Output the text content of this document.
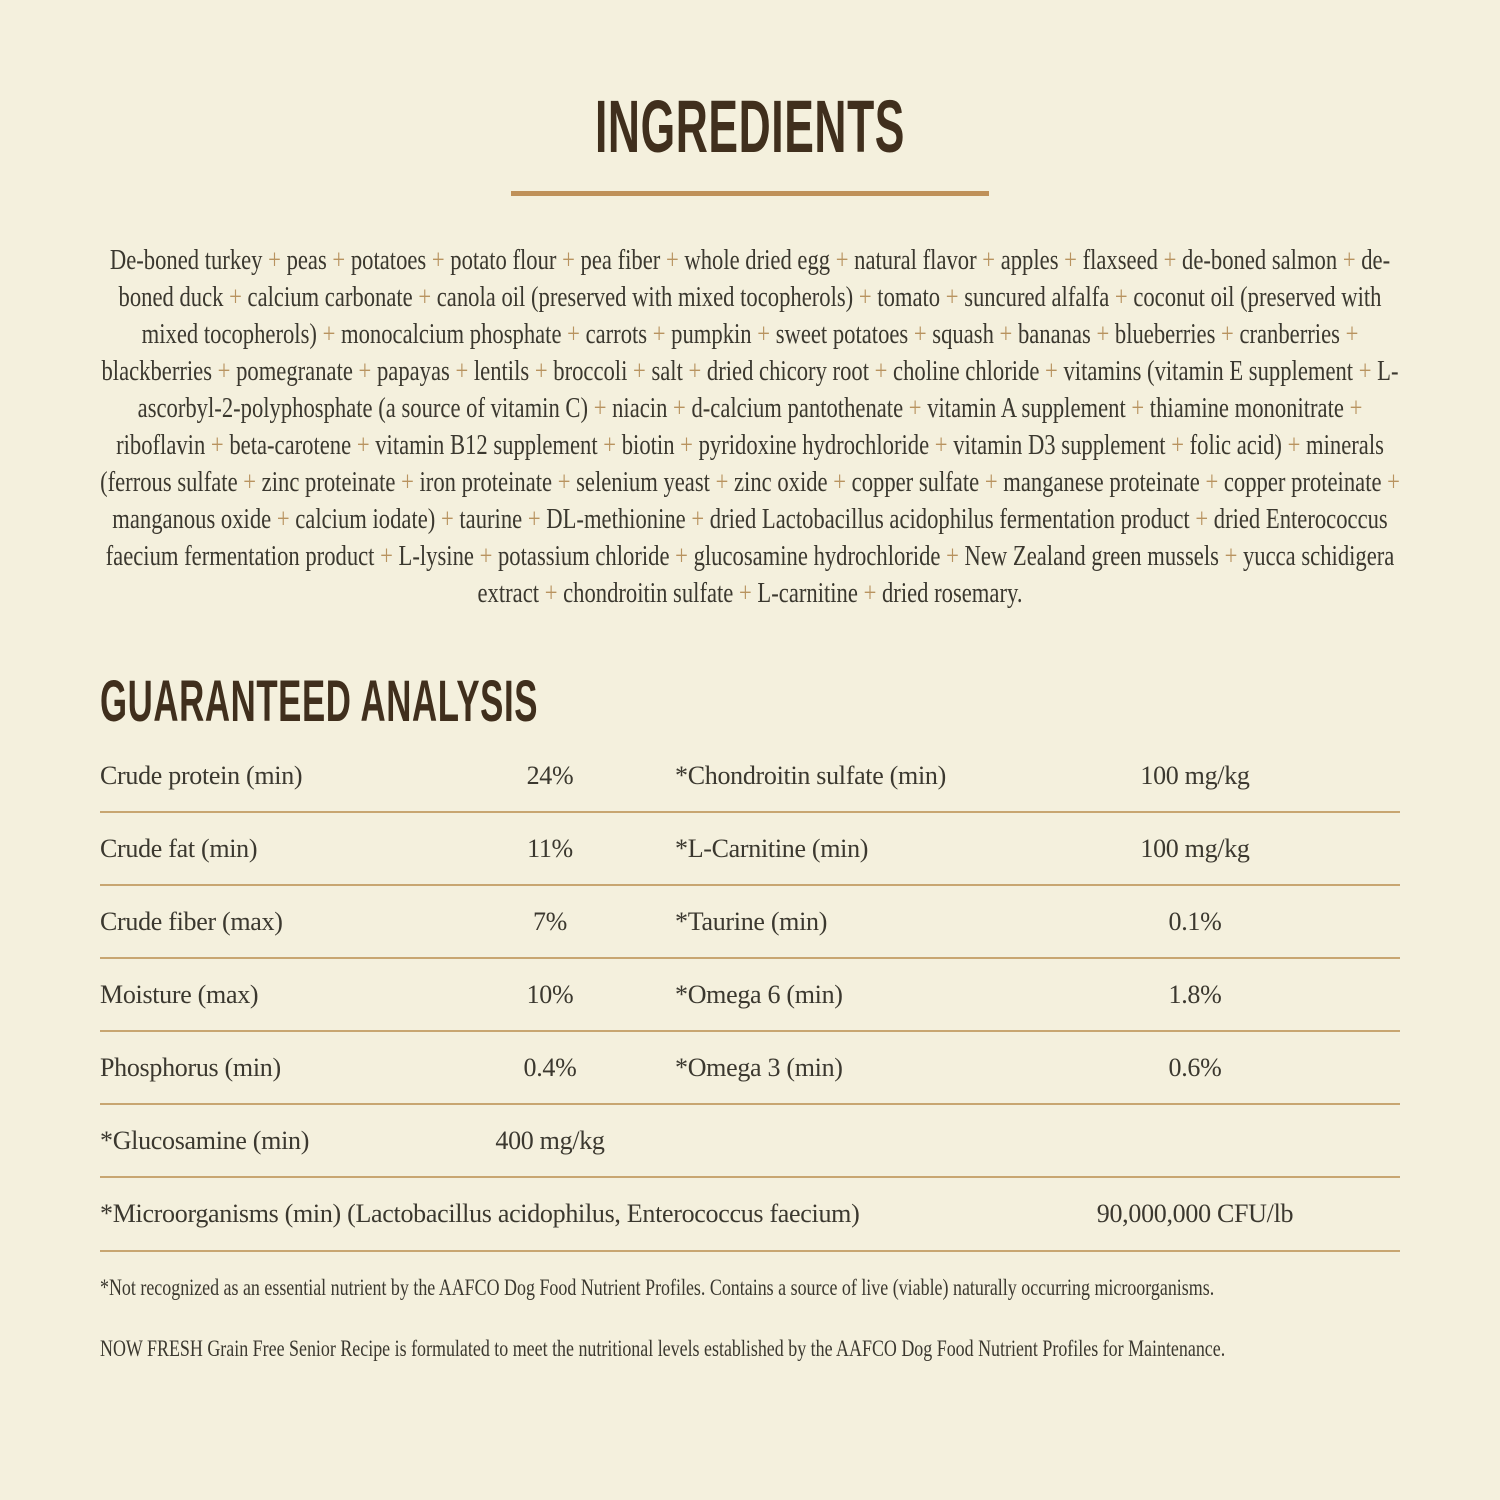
INGREDIENTS

De-boned turkey + peas + potatoes + potato flour + pea fiber + whole dried egg + natural flavor + apples + flaxseed + de-boned salmon + de-boned duck + calcium carbonate + canola oil (preserved with mixed tocopherols) + tomato + suncured alfalfa + coconut oil (preserved with mixed tocopherols) + monocalcium phosphate + carrots + pumpkin + sweet potatoes + squash + bananas + blueberries + cranberries + blackberries + pomegranate + papayas + lentils + broccoli + salt + dried chicory root + choline chloride + vitamins (vitamin E supplement + L-ascorbyl-2-polyphosphate (a source of vitamin C) + niacin + d-calcium pantothenate + vitamin A supplement + thiamine mononitrate + riboflavin + beta-carotene + vitamin B12 supplement + biotin + pyridoxine hydrochloride + vitamin D3 supplement + folic acid) + minerals (ferrous sulfate + zinc proteinate + iron proteinate + selenium yeast + zinc oxide + copper sulfate + manganese proteinate + copper proteinate + manganous oxide + calcium iodate) + taurine + DL-methionine + dried Lactobacillus acidophilus fermentation product + dried Enterococcus faecium fermentation product + L-lysine + potassium chloride + glucosamine hydrochloride + New Zealand green mussels + yucca schidigera extract + chondroitin sulfate + L-carnitine + dried rosemary.

GUARANTEED ANALYSIS
Crude protein (min)	24%	*Chondroitin sulfate (min)	100 mg/kg
Crude fat (min)	11%	*L-Carnitine (min)	100 mg/kg
Crude fiber (max)	7%	*Taurine (min)	0.1%
Moisture (max)	10%	*Omega 6 (min)	1.8%
Phosphorus (min)	0.4%	*Omega 3 (min)	0.6%
*Glucosamine (min)	400 mg/kg
*Microorganisms (min) (Lactobacillus acidophilus, Enterococcus faecium)	90,000,000 CFU/lb

*Not recognized as an essential nutrient by the AAFCO Dog Food Nutrient Profiles. Contains a source of live (viable) naturally occurring microorganisms.

NOW FRESH Grain Free Senior Recipe is formulated to meet the nutritional levels established by the AAFCO Dog Food Nutrient Profiles for Maintenance.
